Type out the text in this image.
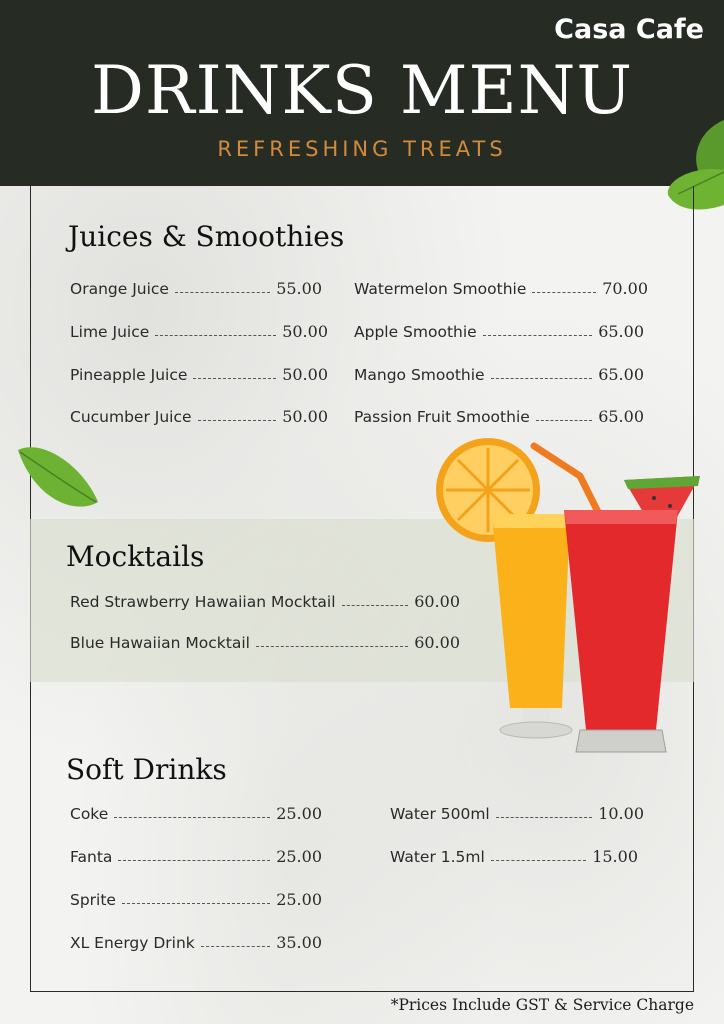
Casa Cafe
DRINKS MENU
REFRESHING TREATS
Juices & Smoothies
Orange Juice	55.00
Lime Juice	50.00
Pineapple Juice	50.00
Cucumber Juice	50.00
Watermelon Smoothie	70.00
Apple Smoothie	65.00
Mango Smoothie	65.00
Passion Fruit Smoothie	65.00
Mocktails
Red Strawberry Hawaiian Mocktail	60.00
Blue Hawaiian Mocktail	60.00
Soft Drinks
Coke	25.00
Fanta	25.00
Sprite	25.00
XL Energy Drink	35.00
Water 500ml	10.00
Water 1.5ml	15.00
*Prices Include GST & Service Charge
